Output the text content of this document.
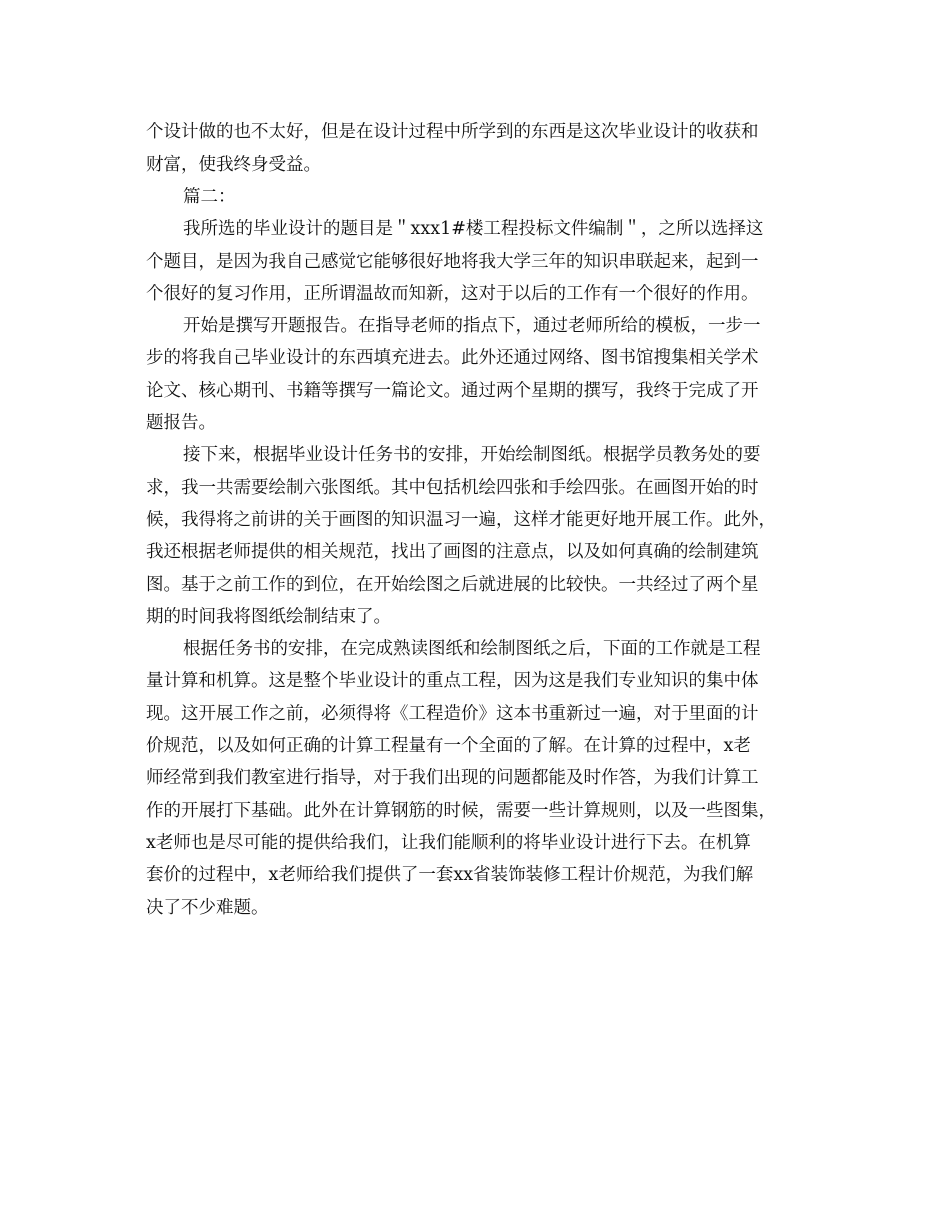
个设计做的也不太好，但是在设计过程中所学到的东西是这次毕业设计的收获和
财富，使我终身受益。
篇二：
我所选的毕业设计的题目是＂xxx1#楼工程投标文件编制＂，之所以选择这
个题目，是因为我自己感觉它能够很好地将我大学三年的知识串联起来，起到一
个很好的复习作用，正所谓温故而知新，这对于以后的工作有一个很好的作用。
开始是撰写开题报告。在指导老师的指点下，通过老师所给的模板，一步一
步的将我自己毕业设计的东西填充进去。此外还通过网络、图书馆搜集相关学术
论文、核心期刊、书籍等撰写一篇论文。通过两个星期的撰写，我终于完成了开
题报告。
接下来，根据毕业设计任务书的安排，开始绘制图纸。根据学员教务处的要
求，我一共需要绘制六张图纸。其中包括机绘四张和手绘四张。在画图开始的时
候，我得将之前讲的关于画图的知识温习一遍，这样才能更好地开展工作。此外，
我还根据老师提供的相关规范，找出了画图的注意点，以及如何真确的绘制建筑
图。基于之前工作的到位，在开始绘图之后就进展的比较快。一共经过了两个星
期的时间我将图纸绘制结束了。
根据任务书的安排，在完成熟读图纸和绘制图纸之后，下面的工作就是工程
量计算和机算。这是整个毕业设计的重点工程，因为这是我们专业知识的集中体
现。这开展工作之前，必须得将《工程造价》这本书重新过一遍，对于里面的计
价规范，以及如何正确的计算工程量有一个全面的了解。在计算的过程中，x老
师经常到我们教室进行指导，对于我们出现的问题都能及时作答，为我们计算工
作的开展打下基础。此外在计算钢筋的时候，需要一些计算规则，以及一些图集，
x老师也是尽可能的提供给我们，让我们能顺利的将毕业设计进行下去。在机算
套价的过程中，x老师给我们提供了一套xx省装饰装修工程计价规范，为我们解
决了不少难题。
